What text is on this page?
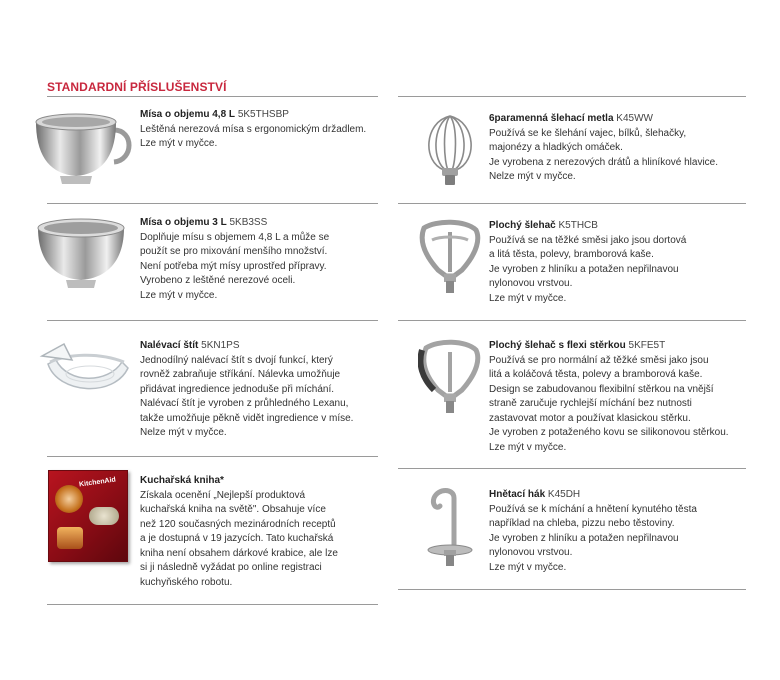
STANDARDNÍ PŘÍSLUŠENSTVÍ
Mísa o objemu 4,8 L 5K5THSBP

Leštěná nerezová mísa s ergonomickým držadlem.

Lze mýt v myčce.

Mísa o objemu 3 L 5KB3SS

Doplňuje mísu s objemem 4,8 L a může se

použít se pro mixování menšího množství.

Není potřeba mýt mísy uprostřed přípravy.

Vyrobeno z leštěné nerezové oceli.

Lze mýt v myčce.

Nalévací štít 5KN1PS

Jednodílný nalévací štít s dvojí funkcí, který

rovněž zabraňuje stříkání. Nálevka umožňuje

přidávat ingredience jednoduše při míchání.

Nalévací štít je vyroben z průhledného Lexanu,

takže umožňuje pěkně vidět ingredience v míse.

Nelze mýt v myčce.

KitchenAid Kuchařská kniha*

Získala ocenění „Nejlepší produktová

kuchařská kniha na světě". Obsahuje více

než 120 současných mezinárodních receptů

a je dostupná v 19 jazycích. Tato kuchařská

kniha není obsahem dárkové krabice, ale lze

si ji následně vyžádat po online registraci

kuchyňského robotu.

6paramenná šlehací metla K45WW

Používá se ke šlehání vajec, bílků, šlehačky,

majonézy a hladkých omáček.

Je vyrobena z nerezových drátů a hliníkové hlavice.

Nelze mýt v myčce.

Plochý šlehač K5THCB

Používá se na těžké směsi jako jsou dortová

a litá těsta, polevy, bramborová kaše.

Je vyroben z hliníku a potažen nepřilnavou

nylonovou vrstvou.

Lze mýt v myčce.

Plochý šlehač s flexi stěrkou 5KFE5T

Používá se pro normální až těžké směsi jako jsou

litá a koláčová těsta, polevy a bramborová kaše.

Design se zabudovanou flexibilní stěrkou na vnější

straně zaručuje rychlejší míchání bez nutnosti

zastavovat motor a používat klasickou stěrku.

Je vyroben z potaženého kovu se silikonovou stěrkou.

Lze mýt v myčce.

Hnětací hák K45DH

Používá se k míchání a hnětení kynutého těsta

například na chleba, pizzu nebo těstoviny.

Je vyroben z hliníku a potažen nepřilnavou

nylonovou vrstvou.

Lze mýt v myčce.
